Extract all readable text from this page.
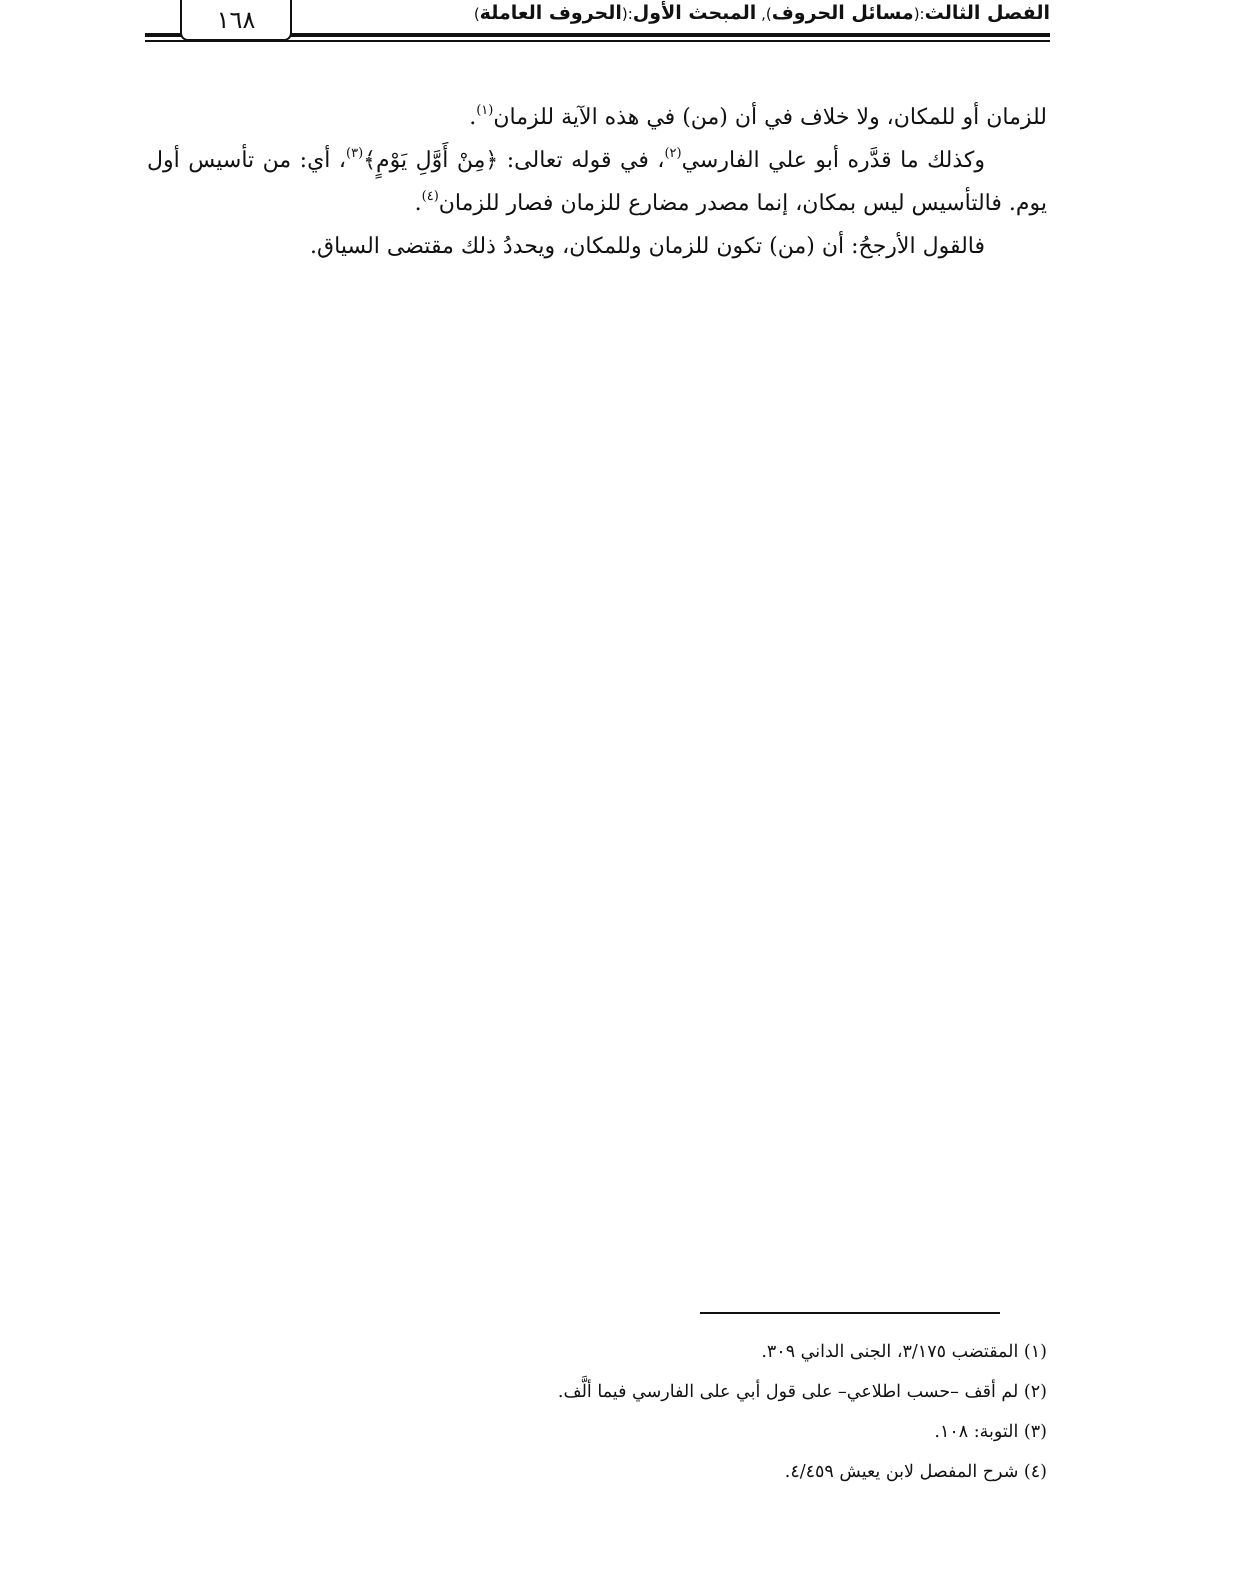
١٦٨	الفصل الثالث:(مسائل الحروف), المبحث الأول:(الحروف العاملة)

للزمان أو للمكان، ولا خلاف في أن (من) في هذه الآية للزمان$^{(١)}$.

وكذلك ما قدَّره أبو علي الفارسي$^{(٢)}$، في قوله تعالى: ﴿مِنْ أَوَّلِ يَوْمٍ﴾$^{(٣)}$، أي: من تأسيس أول يوم. فالتأسيس ليس بمكان، إنما مصدر مضارع للزمان فصار للزمان$^{(٤)}$.

فالقول الأرجحُ: أن (من) تكون للزمان وللمكان، ويحددُ ذلك مقتضى السياق.

(١) المقتضب ٣/١٧٥، الجنى الداني ٣٠٩.

(٢) لم أقف –حسب اطلاعي– على قول أبي على الفارسي فيما ألَّف.

(٣) التوبة: ١٠٨.

(٤) شرح المفصل لابن يعيش ٤/٤٥٩.
